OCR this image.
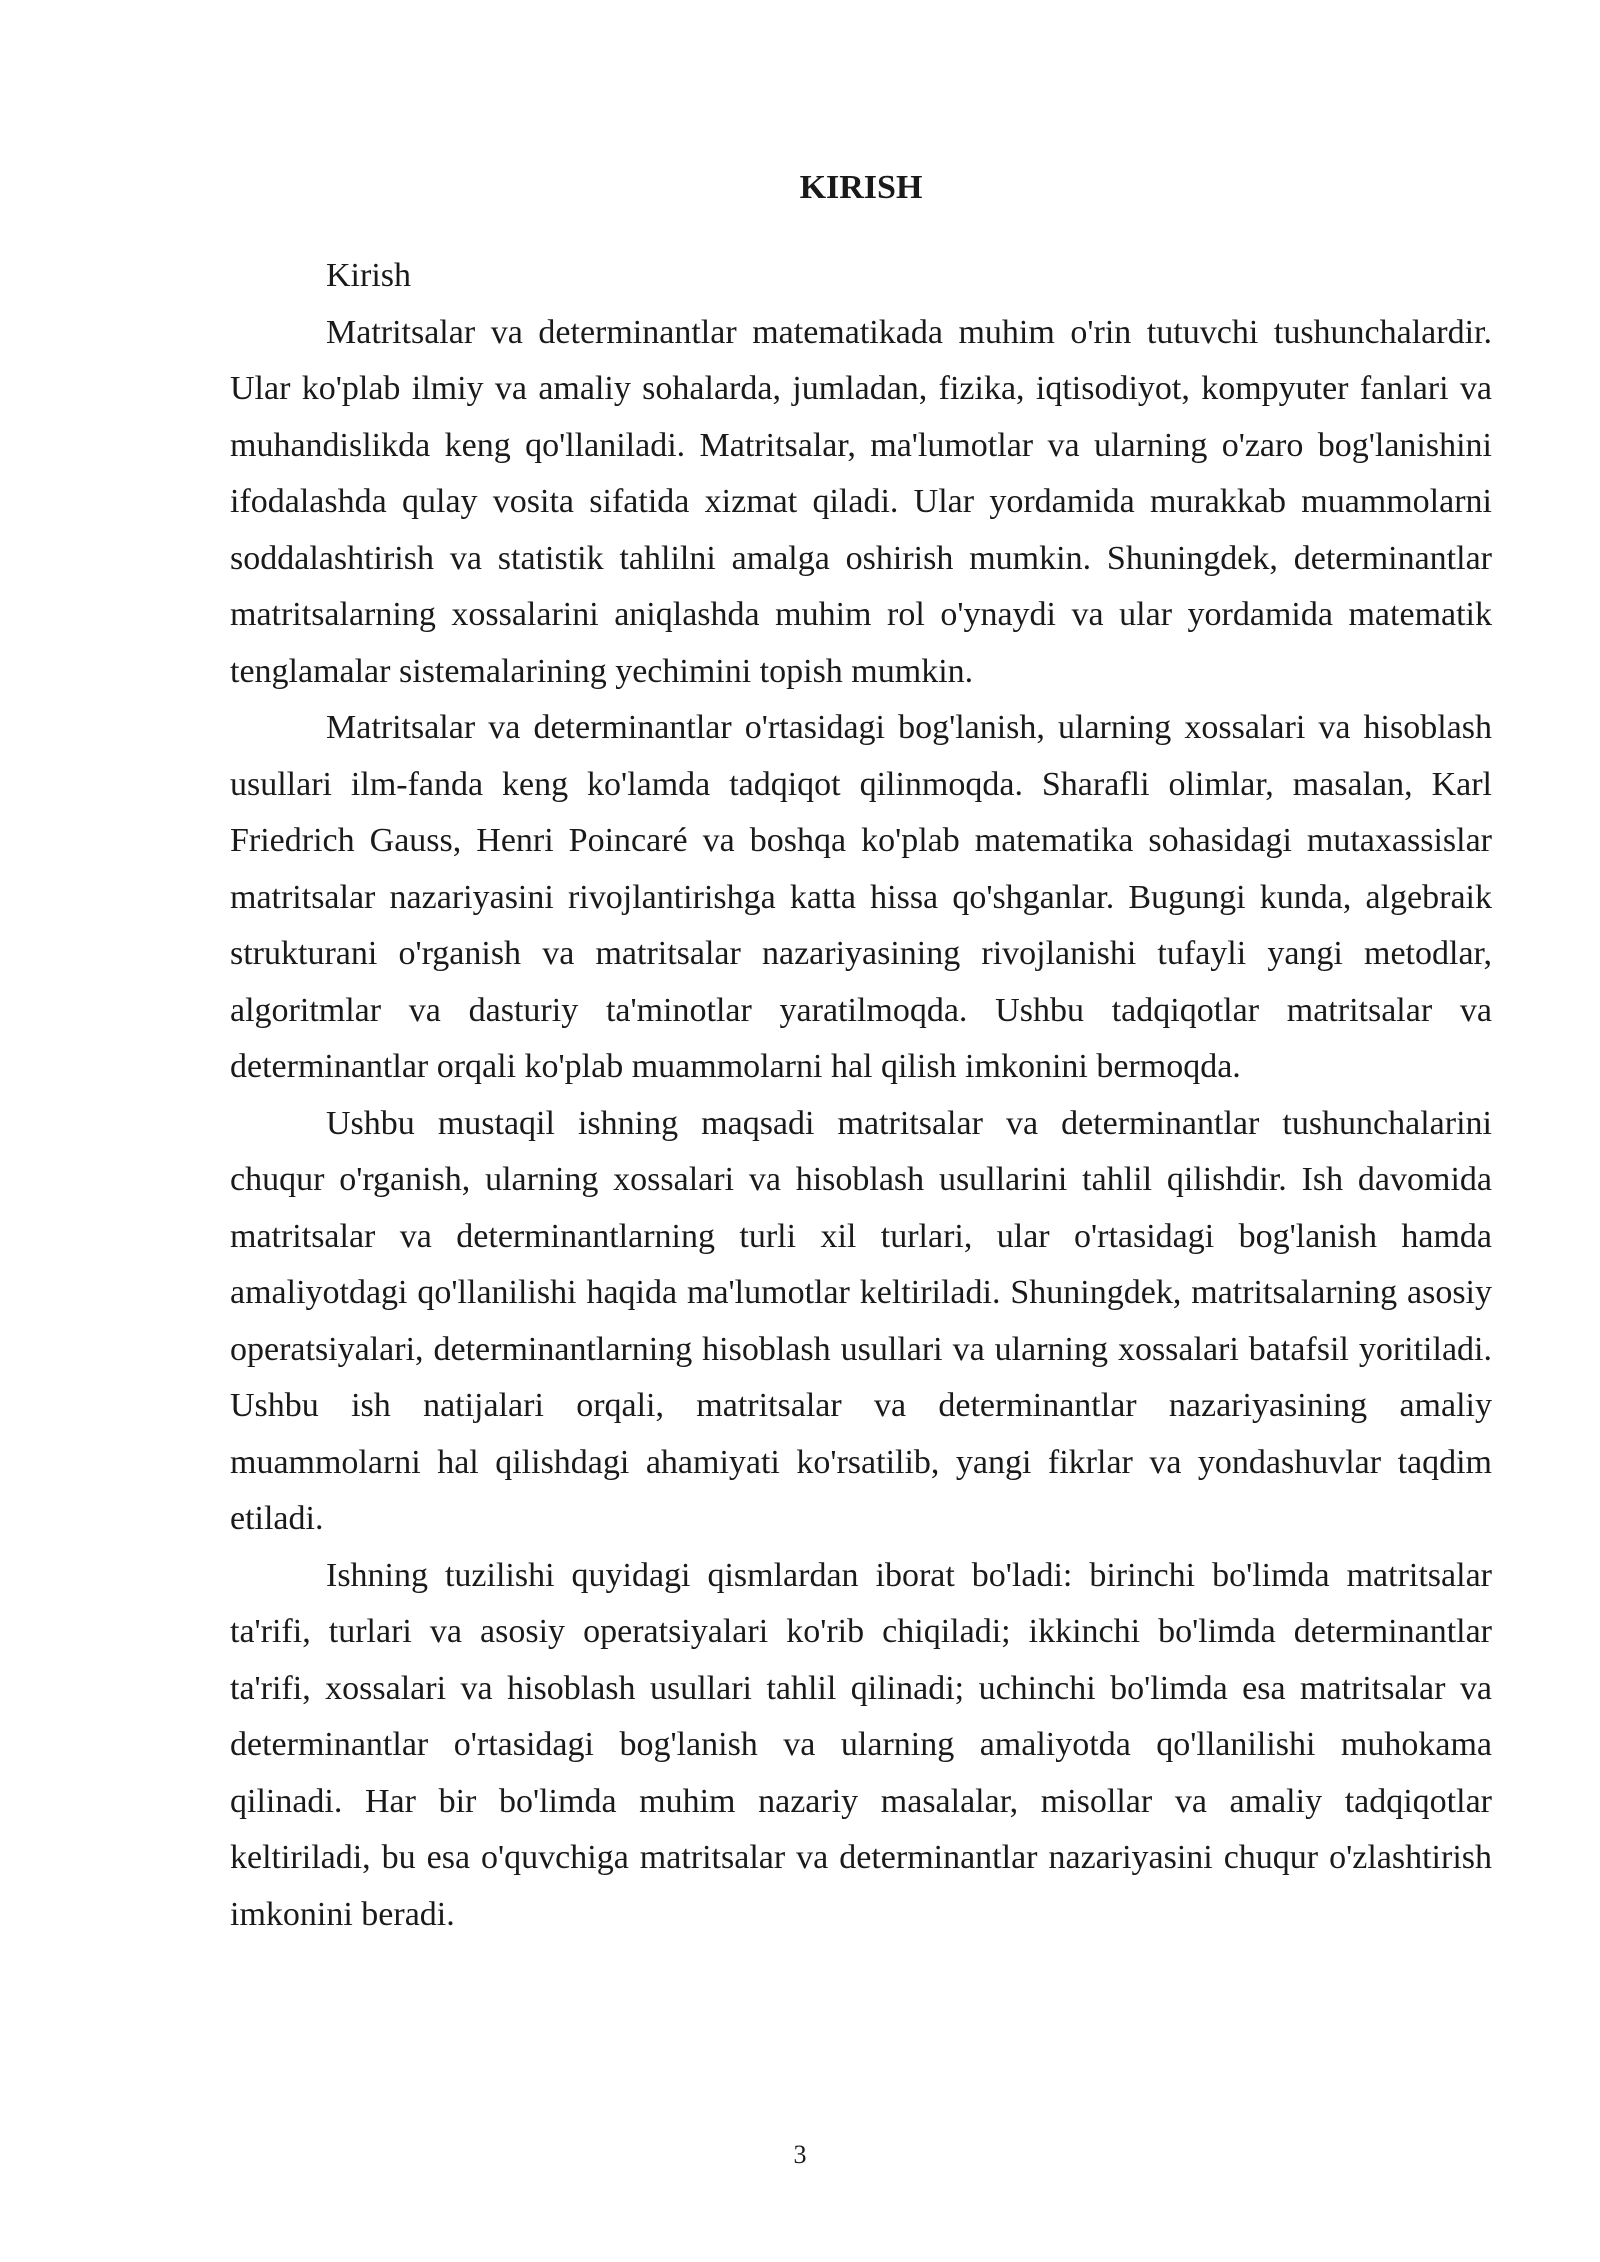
KIRISH

Kirish

Matritsalar va determinantlar matematikada muhim o'rin tutuvchi tushunchalardir. Ular ko'plab ilmiy va amaliy sohalarda, jumladan, fizika, iqtisodiyot, kompyuter fanlari va muhandislikda keng qo'llaniladi. Matritsalar, ma'lumotlar va ularning o'zaro bog'lanishini ifodalashda qulay vosita sifatida xizmat qiladi. Ular yordamida murakkab muammolarni soddalashtirish va statistik tahlilni amalga oshirish mumkin. Shuningdek, determinantlar matritsalarning xossalarini aniqlashda muhim rol o'ynaydi va ular yordamida matematik tenglamalar sistemalarining yechimini topish mumkin.

Matritsalar va determinantlar o'rtasidagi bog'lanish, ularning xossalari va hisoblash usullari ilm-fanda keng ko'lamda tadqiqot qilinmoqda. Sharafli olimlar, masalan, Karl Friedrich Gauss, Henri Poincaré va boshqa ko'plab matematika sohasidagi mutaxassislar matritsalar nazariyasini rivojlantirishga katta hissa qo'shganlar. Bugungi kunda, algebraik strukturani o'rganish va matritsalar nazariyasining rivojlanishi tufayli yangi metodlar, algoritmlar va dasturiy ta'minotlar yaratilmoqda. Ushbu tadqiqotlar matritsalar va determinantlar orqali ko'plab muammolarni hal qilish imkonini bermoqda.

Ushbu mustaqil ishning maqsadi matritsalar va determinantlar tushunchalarini chuqur o'rganish, ularning xossalari va hisoblash usullarini tahlil qilishdir. Ish davomida matritsalar va determinantlarning turli xil turlari, ular o'rtasidagi bog'lanish hamda amaliyotdagi qo'llanilishi haqida ma'lumotlar keltiriladi. Shuningdek, matritsalarning asosiy operatsiyalari, determinantlarning hisoblash usullari va ularning xossalari batafsil yoritiladi. Ushbu ish natijalari orqali, matritsalar va determinantlar nazariyasining amaliy muammolarni hal qilishdagi ahamiyati ko'rsatilib, yangi fikrlar va yondashuvlar taqdim etiladi.

Ishning tuzilishi quyidagi qismlardan iborat bo'ladi: birinchi bo'limda matritsalar ta'rifi, turlari va asosiy operatsiyalari ko'rib chiqiladi; ikkinchi bo'limda determinantlar ta'rifi, xossalari va hisoblash usullari tahlil qilinadi; uchinchi bo'limda esa matritsalar va determinantlar o'rtasidagi bog'lanish va ularning amaliyotda qo'llanilishi muhokama qilinadi. Har bir bo'limda muhim nazariy masalalar, misollar va amaliy tadqiqotlar keltiriladi, bu esa o'quvchiga matritsalar va determinantlar nazariyasini chuqur o'zlashtirish imkonini beradi.

3
